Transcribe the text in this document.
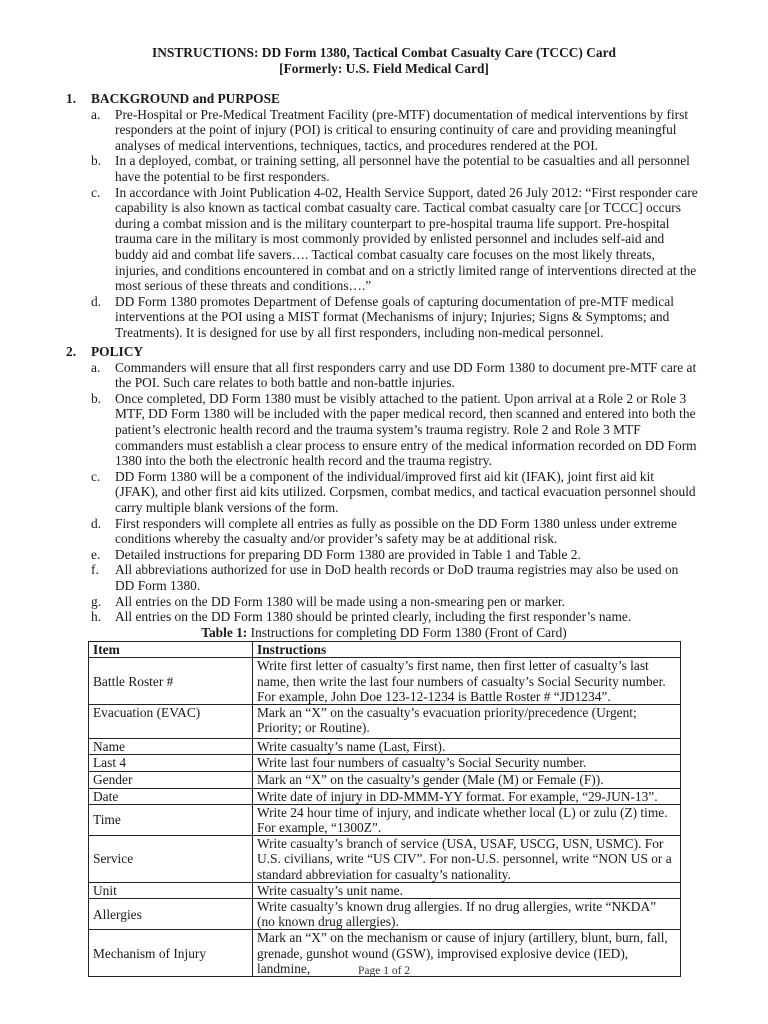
INSTRUCTIONS: DD Form 1380, Tactical Combat Casualty Care (TCCC) Card
[Formerly: U.S. Field Medical Card]
1.	BACKGROUND and PURPOSE
a.	Pre-Hospital or Pre-Medical Treatment Facility (pre-MTF) documentation of medical interventions by first responders at the point of injury (POI) is critical to ensuring continuity of care and providing meaningful analyses of medical interventions, techniques, tactics, and procedures rendered at the POI.
b.	In a deployed, combat, or training setting, all personnel have the potential to be casualties and all personnel have the potential to be first responders.
c.	In accordance with Joint Publication 4-02, Health Service Support, dated 26 July 2012: “First responder care capability is also known as tactical combat casualty care. Tactical combat casualty care [or TCCC] occurs during a combat mission and is the military counterpart to pre-hospital trauma life support. Pre-hospital trauma care in the military is most commonly provided by enlisted personnel and includes self-aid and buddy aid and combat life savers…. Tactical combat casualty care focuses on the most likely threats, injuries, and conditions encountered in combat and on a strictly limited range of interventions directed at the most serious of these threats and conditions….”
d.	DD Form 1380 promotes Department of Defense goals of capturing documentation of pre-MTF medical interventions at the POI using a MIST format (Mechanisms of injury; Injuries; Signs & Symptoms; and Treatments). It is designed for use by all first responders, including non-medical personnel.
2.	POLICY
a.	Commanders will ensure that all first responders carry and use DD Form 1380 to document pre-MTF care at the POI. Such care relates to both battle and non-battle injuries.
b.	Once completed, DD Form 1380 must be visibly attached to the patient. Upon arrival at a Role 2 or Role 3 MTF, DD Form 1380 will be included with the paper medical record, then scanned and entered into both the patient’s electronic health record and the trauma system’s trauma registry. Role 2 and Role 3 MTF commanders must establish a clear process to ensure entry of the medical information recorded on DD Form 1380 into the both the electronic health record and the trauma registry.
c.	DD Form 1380 will be a component of the individual/improved first aid kit (IFAK), joint first aid kit (JFAK), and other first aid kits utilized. Corpsmen, combat medics, and tactical evacuation personnel should carry multiple blank versions of the form.
d.	First responders will complete all entries as fully as possible on the DD Form 1380 unless under extreme conditions whereby the casualty and/or provider’s safety may be at additional risk.
e.	Detailed instructions for preparing DD Form 1380 are provided in Table 1 and Table 2.
f.	All abbreviations authorized for use in DoD health records or DoD trauma registries may also be used on DD Form 1380.
g.	All entries on the DD Form 1380 will be made using a non-smearing pen or marker.
h.	All entries on the DD Form 1380 should be printed clearly, including the first responder’s name.
Table 1: Instructions for completing DD Form 1380 (Front of Card)
Item	Instructions
Battle Roster #	Write first letter of casualty’s first name, then first letter of casualty’s last name, then write the last four numbers of casualty’s Social Security number. For example, John Doe 123-12-1234 is Battle Roster # “JD1234”.
Evacuation (EVAC)	Mark an “X” on the casualty’s evacuation priority/precedence (Urgent; Priority; or Routine).
Name	Write casualty’s name (Last, First).
Last 4	Write last four numbers of casualty’s Social Security number.
Gender	Mark an “X” on the casualty’s gender (Male (M) or Female (F)).
Date	Write date of injury in DD-MMM-YY format. For example, “29-JUN-13”.
Time	Write 24 hour time of injury, and indicate whether local (L) or zulu (Z) time. For example, “1300Z”.
Service	Write casualty’s branch of service (USA, USAF, USCG, USN, USMC). For U.S. civilians, write “US CIV”. For non-U.S. personnel, write “NON US or a standard abbreviation for casualty’s nationality.
Unit	Write casualty’s unit name.
Allergies	Write casualty’s known drug allergies. If no drug allergies, write “NKDA” (no known drug allergies).
Mechanism of Injury	Mark an “X” on the mechanism or cause of injury (artillery, blunt, burn, fall, grenade, gunshot wound (GSW), improvised explosive device (IED), landmine,	Page 1 of 2
